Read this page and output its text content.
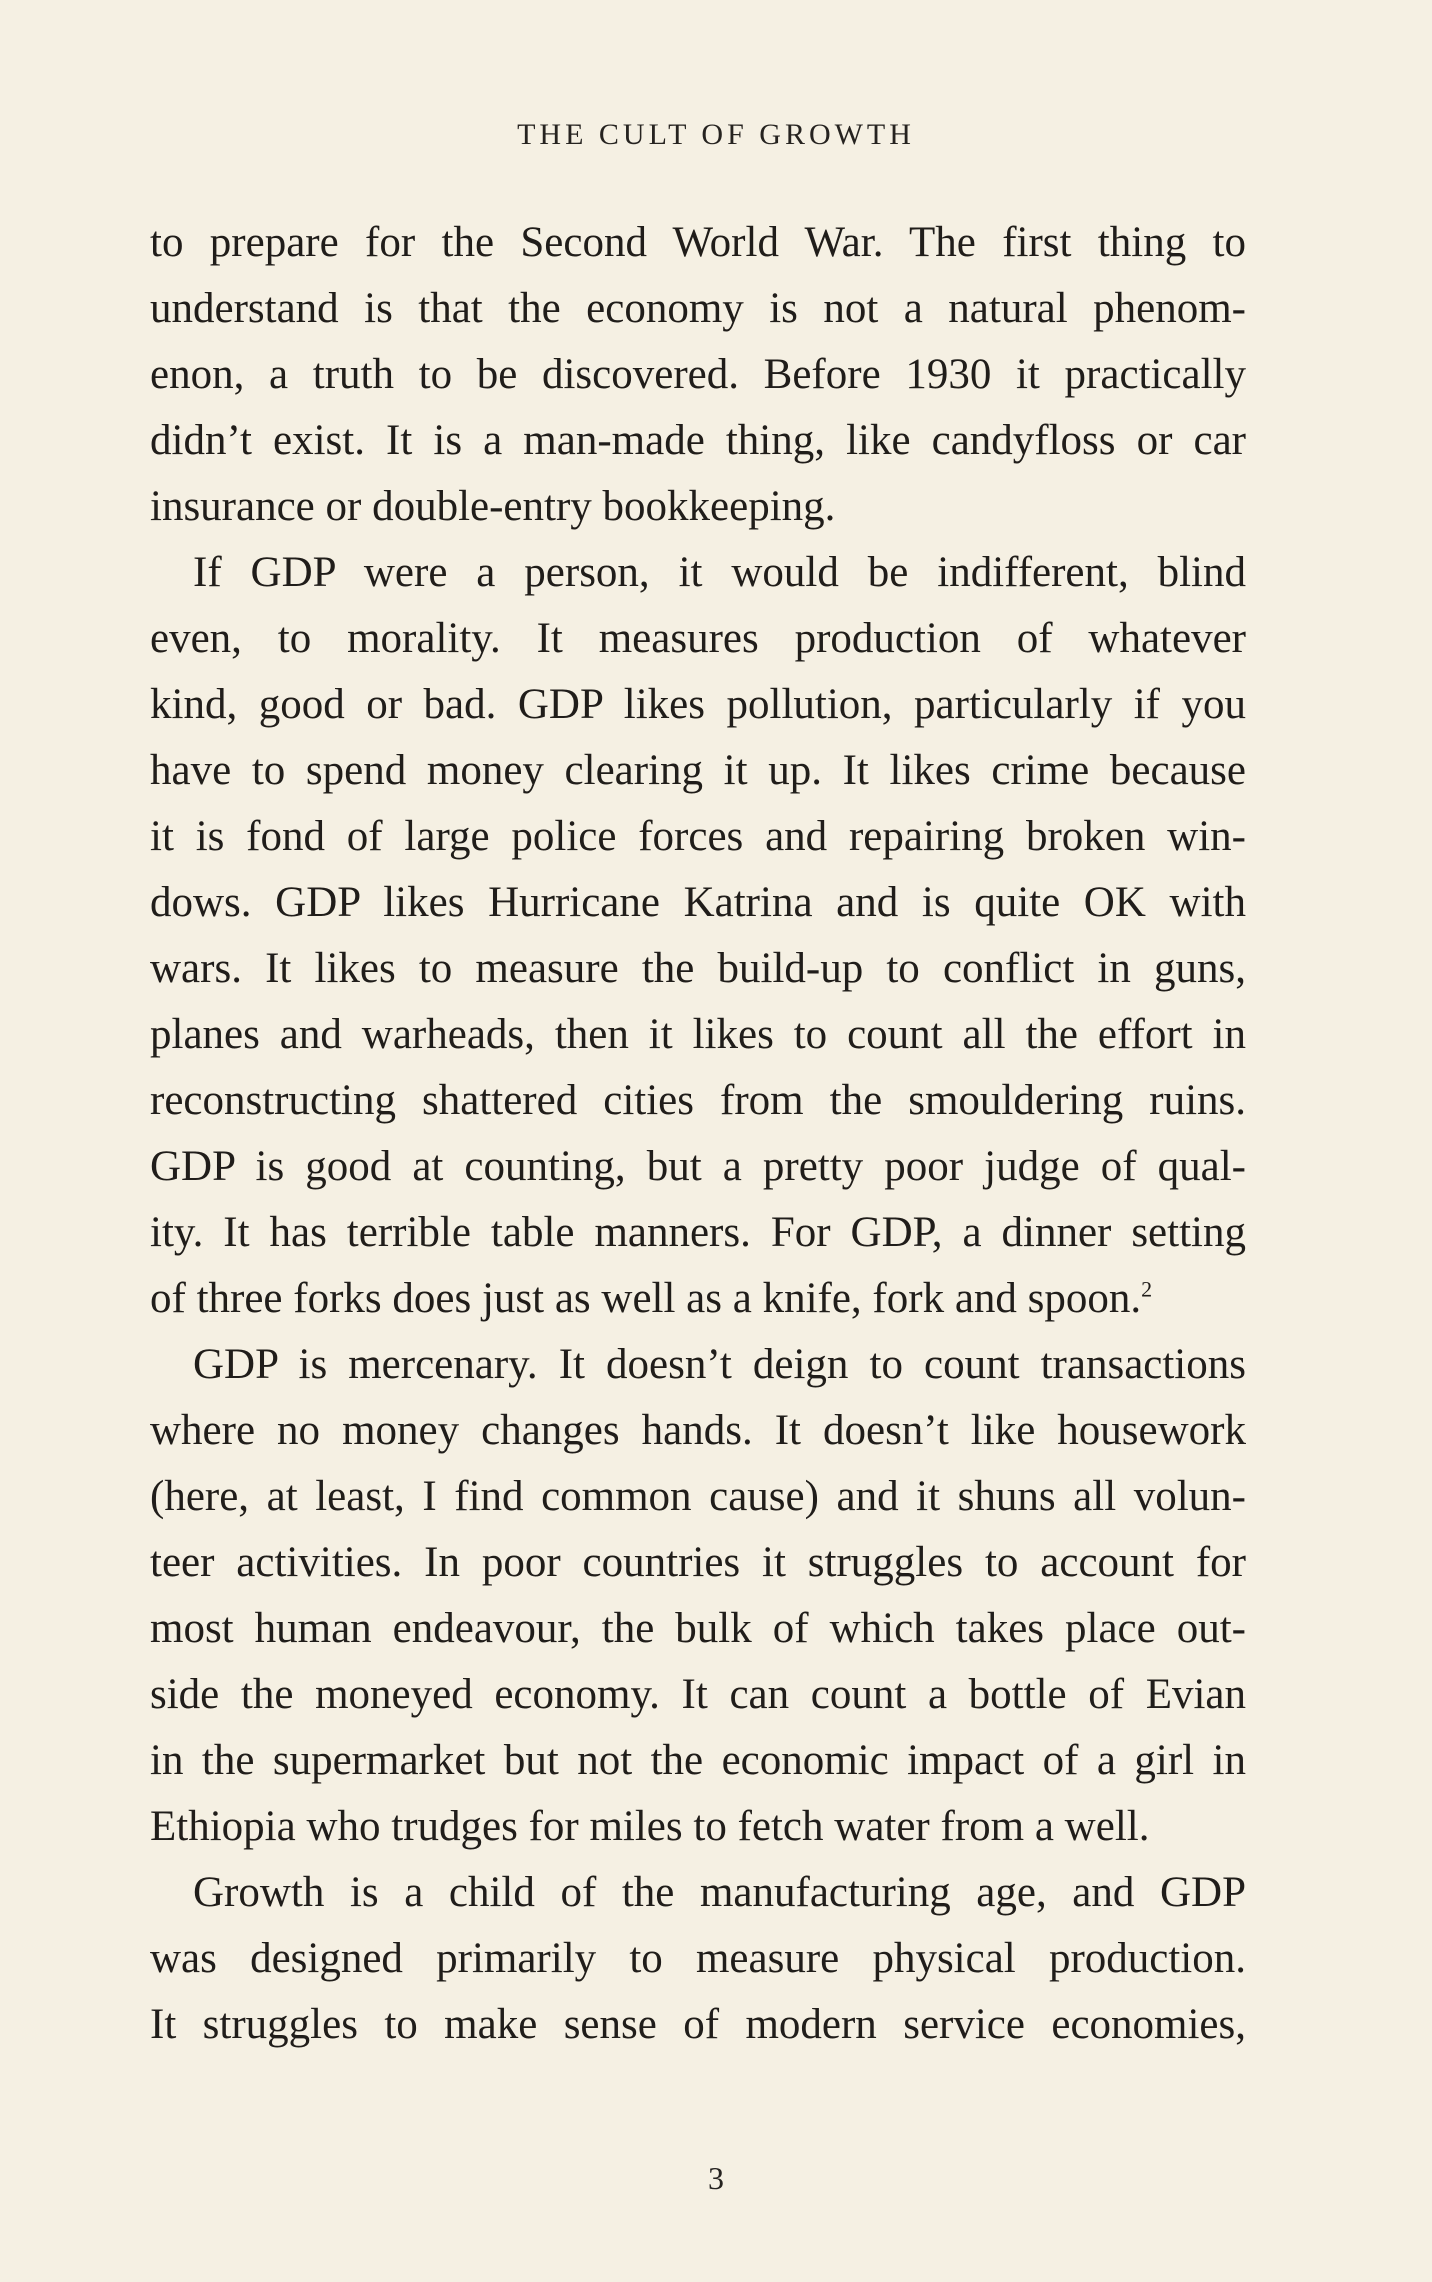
THE CULT OF GROWTH

to prepare for the Second World War. The first thing to

understand is that the economy is not a natural phenom-

enon, a truth to be discovered. Before 1930 it practically

didn’t exist. It is a man-made thing, like candyfloss or car

insurance or double-entry bookkeeping.

If GDP were a person, it would be indifferent, blind

even, to morality. It measures production of whatever

kind, good or bad. GDP likes pollution, particularly if you

have to spend money clearing it up. It likes crime because

it is fond of large police forces and repairing broken win-

dows. GDP likes Hurricane Katrina and is quite OK with

wars. It likes to measure the build-up to conflict in guns,

planes and warheads, then it likes to count all the effort in

reconstructing shattered cities from the smouldering ruins.

GDP is good at counting, but a pretty poor judge of qual-

ity. It has terrible table manners. For GDP, a dinner setting

of three forks does just as well as a knife, fork and spoon.$^2$

GDP is mercenary. It doesn’t deign to count transactions

where no money changes hands. It doesn’t like housework

(here, at least, I find common cause) and it shuns all volun-

teer activities. In poor countries it struggles to account for

most human endeavour, the bulk of which takes place out-

side the moneyed economy. It can count a bottle of Evian

in the supermarket but not the economic impact of a girl in

Ethiopia who trudges for miles to fetch water from a well.

Growth is a child of the manufacturing age, and GDP

was designed primarily to measure physical production.

It struggles to make sense of modern service economies,

3
